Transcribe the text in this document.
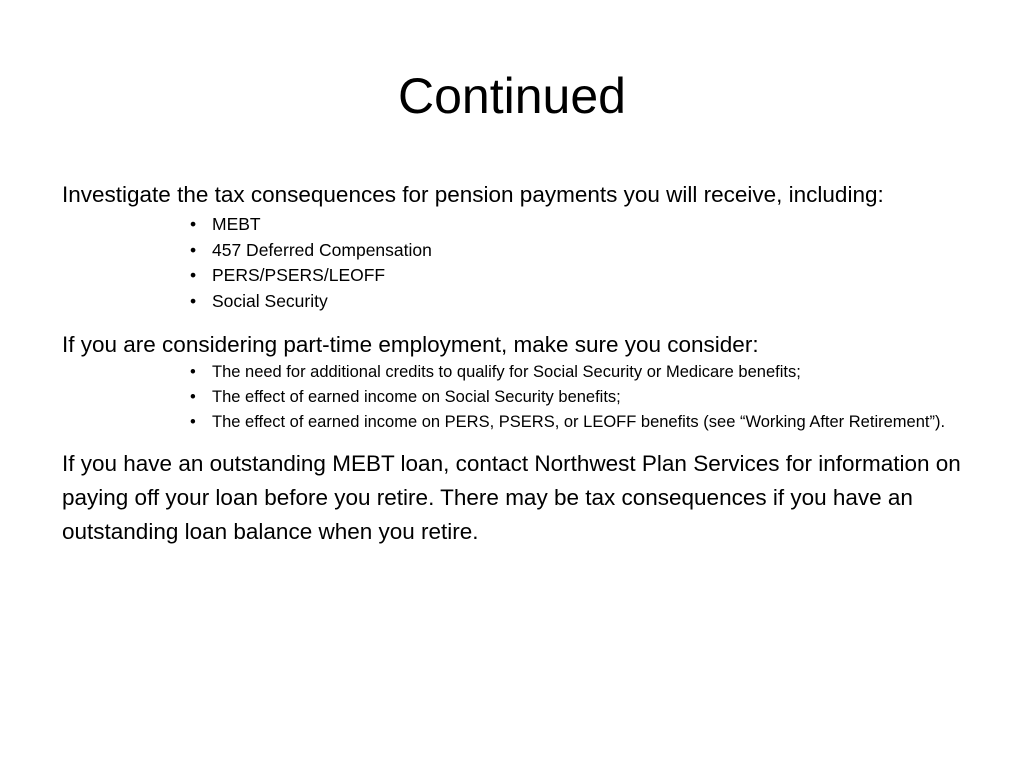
Continued

Investigate the tax consequences for pension payments you will receive, including:

• MEBT
• 457 Deferred Compensation
• PERS/PSERS/LEOFF
• Social Security

If you are considering part-time employment, make sure you consider:

• The need for additional credits to qualify for Social Security or Medicare benefits;
• The effect of earned income on Social Security benefits;
• The effect of earned income on PERS, PSERS, or LEOFF benefits (see “Working After Retirement”).

If you have an outstanding MEBT loan, contact Northwest Plan Services for information on paying off your loan before you retire. There may be tax consequences if you have an outstanding loan balance when you retire.
